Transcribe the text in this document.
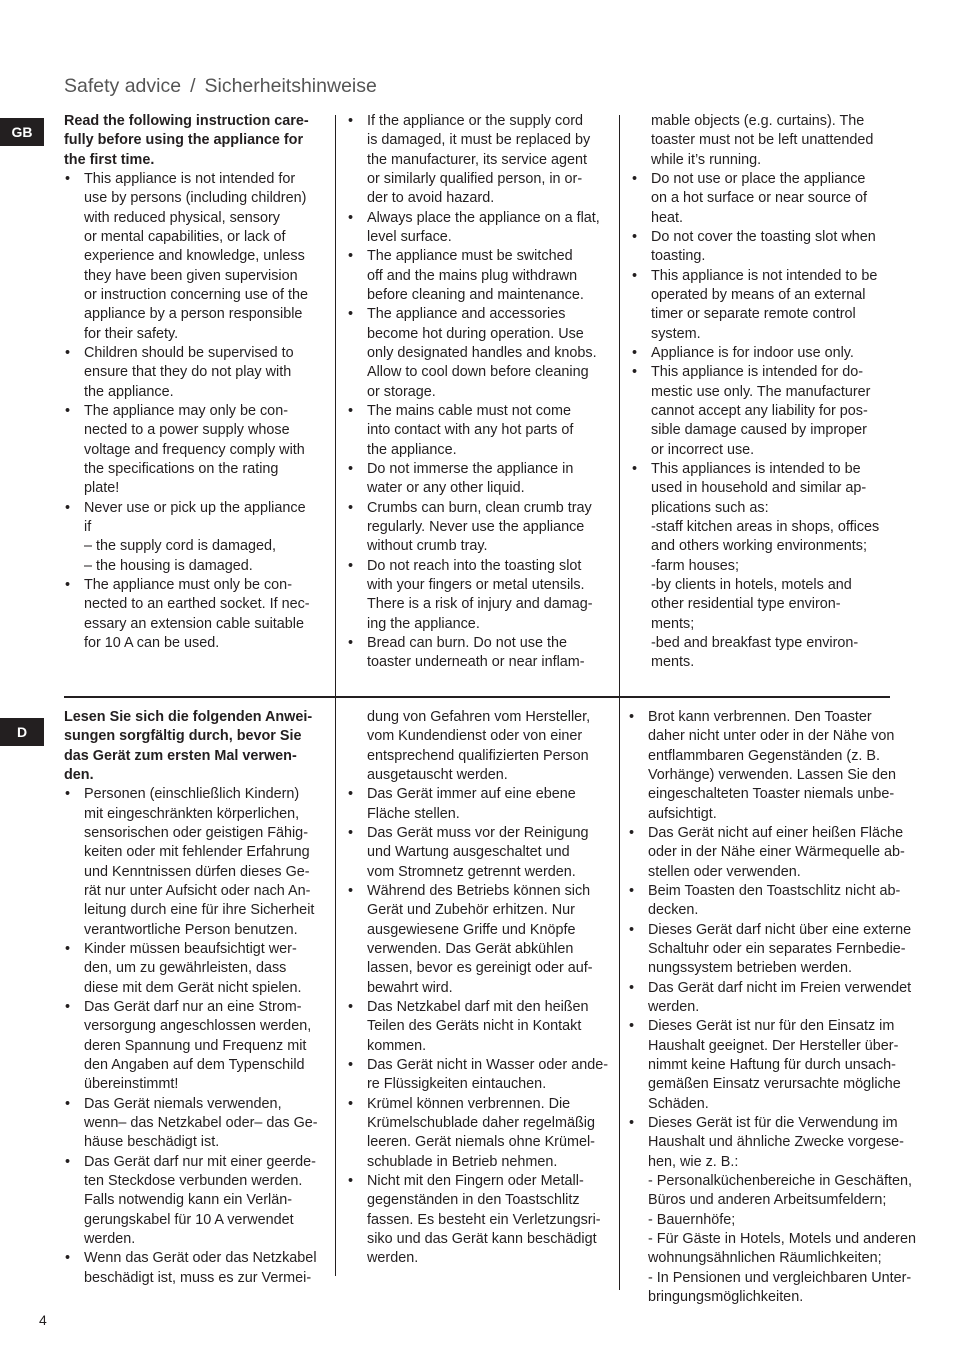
Safety advice / Sicherheitshinweise
GB
D

Read the following instruction care-
fully before using the appliance for
the first time.

• This appliance is not intended for
use by persons (including children)
with reduced physical, sensory
or mental capabilities, or lack of
experience and knowledge, unless
they have been given supervision
or instruction concerning use of the
appliance by a person responsible
for their safety.
• Children should be supervised to
ensure that they do not play with
the appliance.
• The appliance may only be con-
nected to a power supply whose
voltage and frequency comply with
the specifications on the rating
plate!
• Never use or pick up the appliance
if
– the supply cord is damaged,
– the housing is damaged.
• The appliance must only be con-
nected to an earthed socket. If nec-
essary an extension cable suitable
for 10 A can be used.
• If the appliance or the supply cord
is damaged, it must be replaced by
the manufacturer, its service agent
or similarly qualified person, in or-
der to avoid hazard.
• Always place the appliance on a flat,
level surface.
• The appliance must be switched
off and the mains plug withdrawn
before cleaning and maintenance.
• The appliance and accessories
become hot during operation. Use
only designated handles and knobs.
Allow to cool down before cleaning
or storage.
• The mains cable must not come
into contact with any hot parts of
the appliance.
• Do not immerse the appliance in
water or any other liquid.
• Crumbs can burn, clean crumb tray
regularly. Never use the appliance
without crumb tray.
• Do not reach into the toasting slot
with your fingers or metal utensils.
There is a risk of injury and damag-
ing the appliance.
• Bread can burn. Do not use the
toaster underneath or near inflam-
mable objects (e.g. curtains). The
toaster must not be left unattended
while it’s running.
• Do not use or place the appliance
on a hot surface or near source of
heat.
• Do not cover the toasting slot when
toasting.
• This appliance is not intended to be
operated by means of an external
timer or separate remote control
system.
• Appliance is for indoor use only.
• This appliance is intended for do-
mestic use only. The manufacturer
cannot accept any liability for pos-
sible damage caused by improper
or incorrect use.
• This appliances is intended to be
used in household and similar ap-
plications such as:
-staff kitchen areas in shops, offices
and others working environments;
-farm houses;
-by clients in hotels, motels and
other residential type environ-
ments;
-bed and breakfast type environ-
ments.

Lesen Sie sich die folgenden Anwei-
sungen sorgfältig durch, bevor Sie
das Gerät zum ersten Mal verwen-
den.

• Personen (einschließlich Kindern)
mit eingeschränkten körperlichen,
sensorischen oder geistigen Fähig-
keiten oder mit fehlender Erfahrung
und Kenntnissen dürfen dieses Ge-
rät nur unter Aufsicht oder nach An-
leitung durch eine für ihre Sicherheit
verantwortliche Person benutzen.
• Kinder müssen beaufsichtigt wer-
den, um zu gewährleisten, dass
diese mit dem Gerät nicht spielen.
• Das Gerät darf nur an eine Strom-
versorgung angeschlossen werden,
deren Spannung und Frequenz mit
den Angaben auf dem Typenschild
übereinstimmt!
• Das Gerät niemals verwenden,
wenn– das Netzkabel oder– das Ge-
häuse beschädigt ist.
• Das Gerät darf nur mit einer geerde-
ten Steckdose verbunden werden.
Falls notwendig kann ein Verlän-
gerungskabel für 10 A verwendet
werden.
• Wenn das Gerät oder das Netzkabel
beschädigt ist, muss es zur Vermei-
dung von Gefahren vom Hersteller,
vom Kundendienst oder von einer
entsprechend qualifizierten Person
ausgetauscht werden.
• Das Gerät immer auf eine ebene
Fläche stellen.
• Das Gerät muss vor der Reinigung
und Wartung ausgeschaltet und
vom Stromnetz getrennt werden.
• Während des Betriebs können sich
Gerät und Zubehör erhitzen. Nur
ausgewiesene Griffe und Knöpfe
verwenden. Das Gerät abkühlen
lassen, bevor es gereinigt oder auf-
bewahrt wird.
• Das Netzkabel darf mit den heißen
Teilen des Geräts nicht in Kontakt
kommen.
• Das Gerät nicht in Wasser oder ande-
re Flüssigkeiten eintauchen.
• Krümel können verbrennen. Die
Krümelschublade daher regelmäßig
leeren. Gerät niemals ohne Krümel-
schublade in Betrieb nehmen.
• Nicht mit den Fingern oder Metall-
gegenständen in den Toastschlitz
fassen. Es besteht ein Verletzungsri-
siko und das Gerät kann beschädigt
werden.
• Brot kann verbrennen. Den Toaster
daher nicht unter oder in der Nähe von
entflammbaren Gegenständen (z. B.
Vorhänge) verwenden. Lassen Sie den
eingeschalteten Toaster niemals unbe-
aufsichtigt.
• Das Gerät nicht auf einer heißen Fläche
oder in der Nähe einer Wärmequelle ab-
stellen oder verwenden.
• Beim Toasten den Toastschlitz nicht ab-
decken.
• Dieses Gerät darf nicht über eine externe
Schaltuhr oder ein separates Fernbedie-
nungssystem betrieben werden.
• Das Gerät darf nicht im Freien verwendet
werden.
• Dieses Gerät ist nur für den Einsatz im
Haushalt geeignet. Der Hersteller über-
nimmt keine Haftung für durch unsach-
gemäßen Einsatz verursachte mögliche
Schäden.
• Dieses Gerät ist für die Verwendung im
Haushalt und ähnliche Zwecke vorgese-
hen, wie z. B.:
- Personalküchenbereiche in Geschäften,
Büros und anderen Arbeitsumfeldern;
- Bauernhöfe;
- Für Gäste in Hotels, Motels und anderen
wohnungsähnlichen Räumlichkeiten;
- In Pensionen und vergleichbaren Unter-
bringungsmöglichkeiten.
4
